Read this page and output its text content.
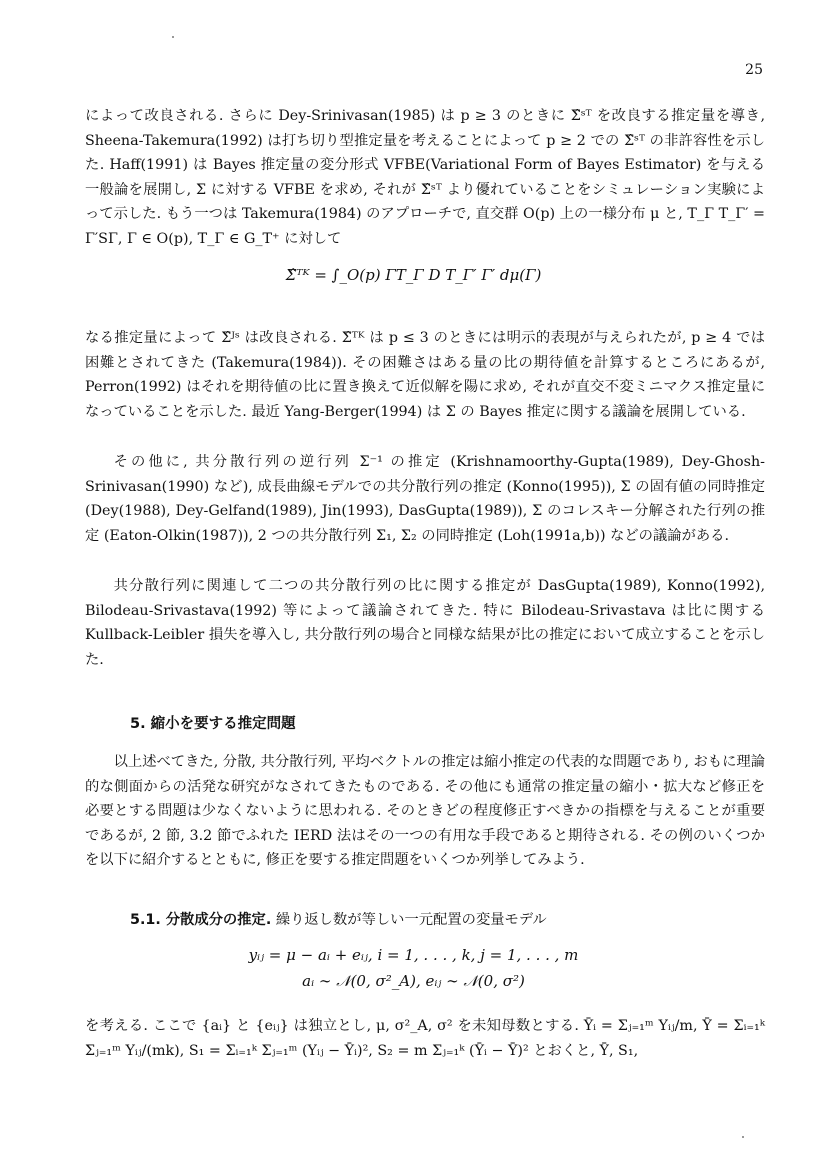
25

によって改良される. さらに Dey-Srinivasan(1985) は p ≥ 3 のときに Σ̂ˢᵀ を改良する推定量を導き, Sheena-Takemura(1992) は打ち切り型推定量を考えることによって p ≥ 2 での Σ̂ˢᵀ の非許容性を示した. Haff(1991) は Bayes 推定量の変分形式 VFBE(Variational Form of Bayes Estimator) を与える一般論を展開し, Σ に対する VFBE を求め, それが Σ̂ˢᵀ より優れていることをシミュレーション実験によって示した. もう一つは Takemura(1984) のアプローチで, 直交群 O(p) 上の一様分布 μ と, T_Γ T_Γ′ = Γ′SΓ, Γ ∈ O(p), T_Γ ∈ G_T⁺ に対して

Σ̂ᵀᴷ = ∫_O(p) ΓT_Γ D T_Γ′ Γ′ dμ(Γ)

なる推定量によって Σ̂ᴶˢ は改良される. Σ̂ᵀᴷ は p ≤ 3 のときには明示的表現が与えられたが, p ≥ 4 では困難とされてきた (Takemura(1984)). その困難さはある量の比の期待値を計算するところにあるが, Perron(1992) はそれを期待値の比に置き換えて近似解を陽に求め, それが直交不変ミニマクス推定量になっていることを示した. 最近 Yang-Berger(1994) は Σ の Bayes 推定に関する議論を展開している.

その他に, 共分散行列の逆行列 Σ⁻¹ の推定 (Krishnamoorthy-Gupta(1989), Dey-Ghosh-Srinivasan(1990) など), 成長曲線モデルでの共分散行列の推定 (Konno(1995)), Σ の固有値の同時推定 (Dey(1988), Dey-Gelfand(1989), Jin(1993), DasGupta(1989)), Σ のコレスキー分解された行列の推定 (Eaton-Olkin(1987)), 2 つの共分散行列 Σ₁, Σ₂ の同時推定 (Loh(1991a,b)) などの議論がある.

共分散行列に関連して二つの共分散行列の比に関する推定が DasGupta(1989), Konno(1992), Bilodeau-Srivastava(1992) 等によって議論されてきた. 特に Bilodeau-Srivastava は比に関する Kullback-Leibler 損失を導入し, 共分散行列の場合と同様な結果が比の推定において成立することを示した.

5. 縮小を要する推定問題

以上述べてきた, 分散, 共分散行列, 平均ベクトルの推定は縮小推定の代表的な問題であり, おもに理論的な側面からの活発な研究がなされてきたものである. その他にも通常の推定量の縮小・拡大など修正を必要とする問題は少なくないように思われる. そのときどの程度修正すべきかの指標を与えることが重要であるが, 2 節, 3.2 節でふれた IERD 法はその一つの有用な手段であると期待される. その例のいくつかを以下に紹介するとともに, 修正を要する推定問題をいくつか列挙してみよう.

5.1. 分散成分の推定. 繰り返し数が等しい一元配置の変量モデル
yᵢⱼ = μ − aᵢ + eᵢⱼ, i = 1, . . . , k, j = 1, . . . , m
aᵢ ∼ 𝒩(0, σ²_A), eᵢⱼ ∼ 𝒩(0, σ²)

を考える. ここで {aᵢ} と {eᵢⱼ} は独立とし, μ, σ²_A, σ² を未知母数とする. Ȳᵢ = Σⱼ₌₁ᵐ Yᵢⱼ/m, Ȳ = Σᵢ₌₁ᵏ Σⱼ₌₁ᵐ Yᵢⱼ/(mk), S₁ = Σᵢ₌₁ᵏ Σⱼ₌₁ᵐ (Yᵢⱼ − Ȳᵢ)², S₂ = m Σⱼ₌₁ᵏ (Ȳᵢ − Ȳ)² とおくと, Ȳ, S₁,
